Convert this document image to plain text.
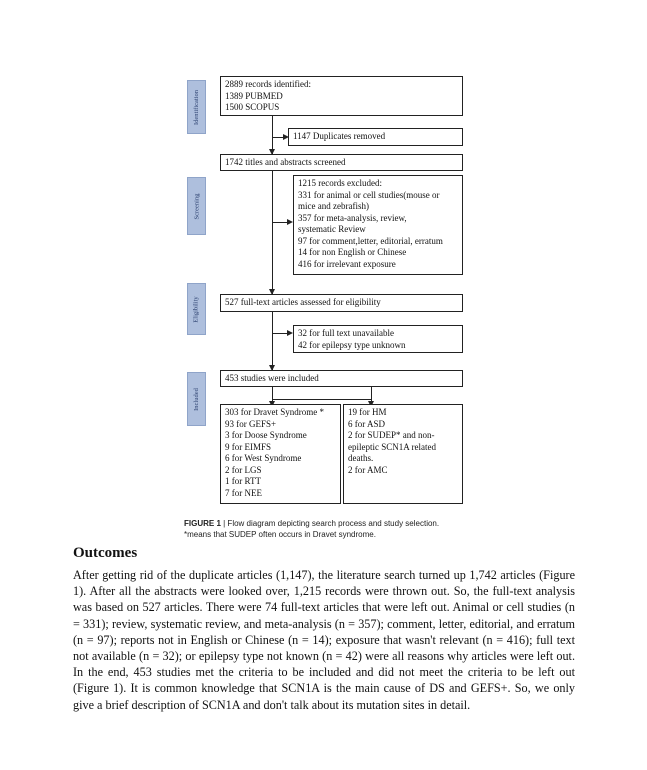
Identification
Screening
Eligibility
Included
2889 records identified:
1389 PUBMED
1500 SCOPUS
1147 Duplicates removed
1742 titles and abstracts screened
1215 records excluded:
331 for animal or cell studies(mouse or
mice and zebrafish)
357 for meta-analysis, review,
systematic Review
97 for comment,letter, editorial, erratum
14 for non English or Chinese
416 for irrelevant exposure
527 full-text articles assessed for eligibility
32 for full text unavailable
42 for epilepsy type unknown
453 studies were included
303 for Dravet Syndrome *
93 for GEFS+
3 for Doose Syndrome
9 for EIMFS
6 for West Syndrome
2 for LGS
1 for RTT
7 for NEE
19 for HM
6 for ASD
2 for SUDEP* and non-
epileptic SCN1A related
deaths.
2 for AMC
FIGURE 1 | Flow diagram depicting search process and study selection.
*means that SUDEP often occurs in Dravet syndrome.
Outcomes
After getting rid of the duplicate articles (1,147), the literature search turned up 1,742 articles (Figure 1). After all the abstracts were looked over, 1,215 records were thrown out. So, the full-text analysis was based on 527 articles. There were 74 full-text articles that were left out. Animal or cell studies (n = 331); review, systematic review, and meta-analysis (n = 357); comment, letter, editorial, and erratum (n = 97); reports not in English or Chinese (n = 14); exposure that wasn't relevant (n = 416); full text not available (n = 32); or epilepsy type not known (n = 42) were all reasons why articles were left out. In the end, 453 studies met the criteria to be included and did not meet the criteria to be left out (Figure 1). It is common knowledge that SCN1A is the main cause of DS and GEFS+. So, we only give a brief description of SCN1A and don't talk about its mutation sites in detail.
